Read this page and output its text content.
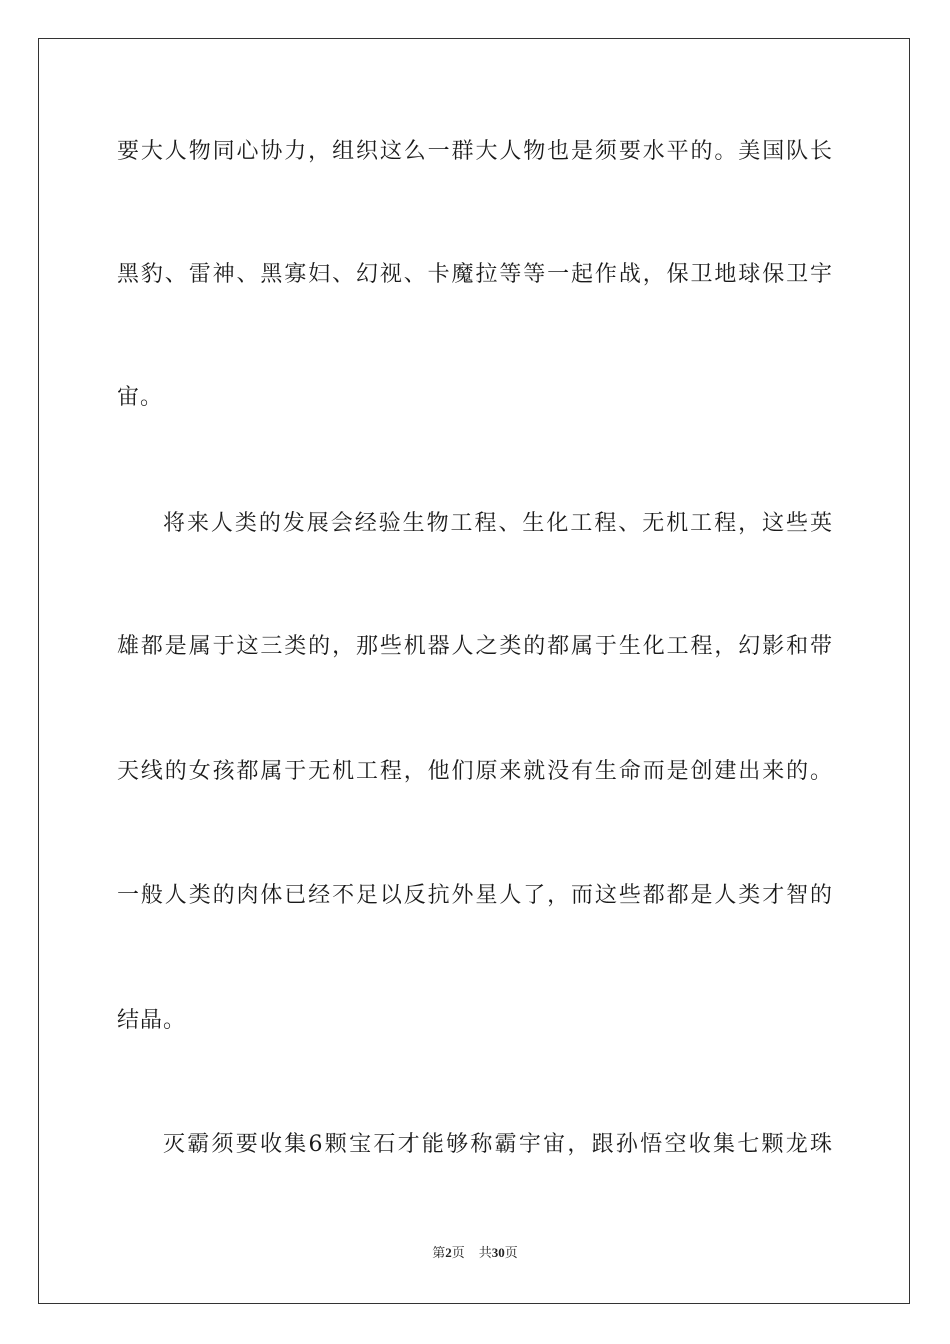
要大人物同心协力，组织这么一群大人物也是须要水平的。美国队长
黑豹、雷神、黑寡妇、幻视、卡魔拉等等一起作战，保卫地球保卫宇
宙。
将来人类的发展会经验生物工程、生化工程、无机工程，这些英
雄都是属于这三类的，那些机器人之类的都属于生化工程，幻影和带
天线的女孩都属于无机工程，他们原来就没有生命而是创建出来的。
一般人类的肉体已经不足以反抗外星人了，而这些都都是人类才智的
结晶。
灭霸须要收集6颗宝石才能够称霸宇宙，跟孙悟空收集七颗龙珠
第2页 共30页
